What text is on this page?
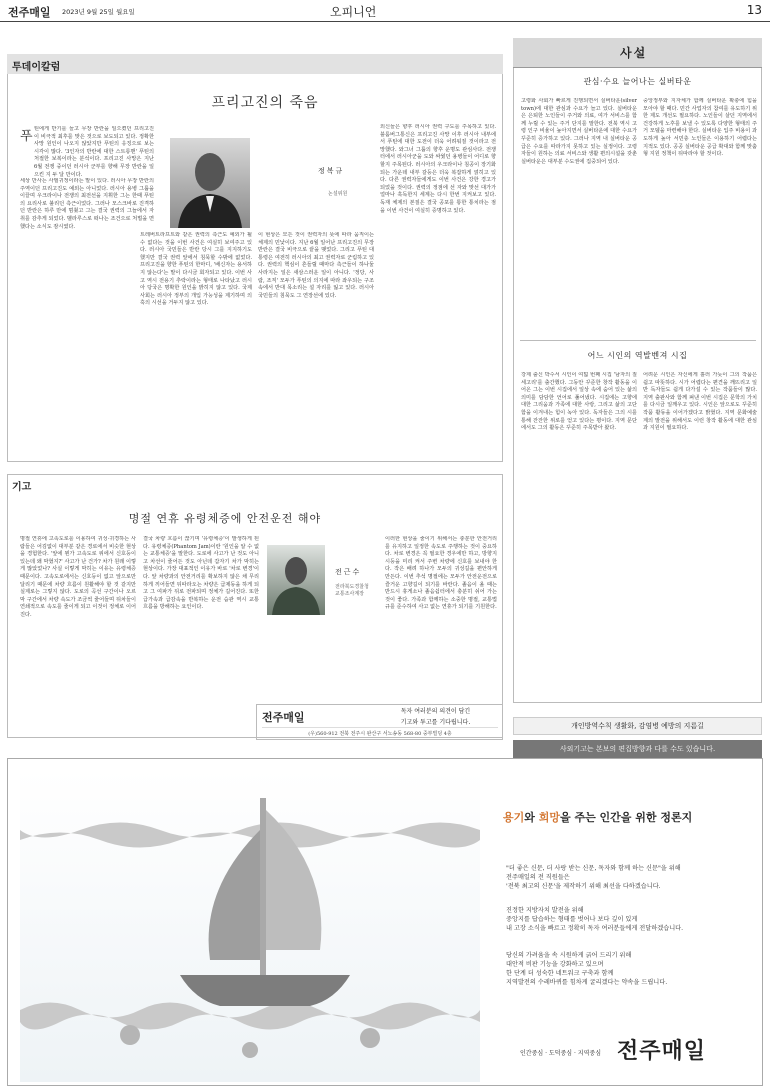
전주매일 2023년 9월 25일 월요일	오피니언	13
투데이칼럼
프리고진의 죽음
푸 틴에게 반기를 들고 무장 반란을 일으켰던 프리고진이 비극적 최후를 맞은 것으로 보도되고 있다. 정확한 사망 원인이 나오지 않았지만 푸틴의 응징으로 보는 시각이 많다. '3인자의 반란에 대한 스트롱맨' 푸틴의 처절한 보복이라는 분석이다. 프리고진 사망은 지난 6월 전쟁 중이던 러시아 군부를 향해 무장 반란을 일으킨 지 두 달 만이다.
세상 만사는 사필귀정이라는 말이 있다. 러시아 무장 반란의 주역이던 프리고진도 예외는 아니었다. 러시아 용병 그룹을 이끌며 우크라이나 전쟁의 최전선을 지휘한 그는 한때 푸틴의 요리사로 불리던 측근이었다. 그러나 모스크바로 진격하던 반란은 하루 만에 멈췄고 그는 결국 권력의 그늘에서 자취를 감추게 되었다. 벨라루스로 떠나는 조건으로 처벌을 면했다는 소식도 잠시였다.
정복규
논설위원
트레버트라프트와 같은 권력의 측근도 예외가 될 수 없다는 것을 이번 사건은 여실히 보여주고 있다. 러시아 국민들은 반란 당시 그를 지지하기도 했지만 결국 권력 앞에서 침묵할 수밖에 없었다. 프리고진을 향한 푸틴의 한마디, '배신자는 용서하지 않는다'는 말이 다시금 회자되고 있다. 이번 사고 역시 전용기 추락이라는 형태로 나타났고 러시아 당국은 명확한 원인을 밝히지 않고 있다. 국제사회는 러시아 정부의 개입 가능성을 제기하며 의혹의 시선을 거두지 않고 있다.
이 현상은 모든 것이 권력자의 뜻에 따라 움직이는 체제의 민낯이다. 지난 6월 일어난 프리고진의 무장 반란은 결국 비극으로 끝을 맺었다. 그리고 푸틴 대통령은 여전히 러시아의 최고 권력자로 군림하고 있다. 권력의 핵심이 흔들릴 때마다 측근들이 하나둘 사라지는 일은 새삼스러운 일이 아니다. '정당, 사람, 조직' 모두가 푸틴의 의지에 따라 좌우되는 구조 속에서 반대 목소리는 설 자리를 잃고 있다. 러시아 국민들의 침묵도 그 연장선에 있다.
외신들은 향후 러시아 권력 구도를 주목하고 있다. 블룸버그통신은 프리고진 사망 이후 러시아 내부에서 푸틴에 대한 도전이 더욱 어려워질 것이라고 전망했다. 와그너 그룹의 향후 운명도 관심사다. 전쟁터에서 러시아군을 도와 싸웠던 용병들이 어디로 향할지 주목된다. 러시아의 우크라이나 침공이 장기화되는 가운데 내부 갈등은 더욱 복잡하게 얽히고 있다. 다른 권력자들에게도 이번 사건은 강한 경고가 되었을 것이다. 권력의 정점에 선 자와 맞선 대가가 얼마나 혹독한지 세계는 다시 한번 지켜보고 있다. 독재 체제의 본질은 결국 공포를 통한 통치라는 점을 이번 사건이 여실히 증명하고 있다.
기고
명절 연휴 유령체증에 안전운전 해야
명절 연휴에 고속도로를 이용하여 귀성·귀경하는 사람들은 어김없이 대부분 같은 경로에서 비슷한 현상을 경험한다. '앞에 뭔가 고속도로 위에서 신호등이 있는데 왜 막혔지?' 사고가 난 건가? 차가 원래 이렇게 많았었나? 사실 이렇게 막히는 이유는 유령체증 때문이다. 고속도로에서는 신호등이 없고 앞으로만 달리기 때문에 차량 흐름이 원활해야 할 것 같지만 실제로는 그렇지 않다. 도로의 곡선 구간이나 오르막 구간에서 차량 속도가 조금씩 줄어들며 뒤차들이 연쇄적으로 속도를 줄이게 되고 이것이 정체로 이어진다.
결국 차량 흐름이 끊기며 '유령체증'이 발생하게 된다. 유령체증(Phantom Jam)이란 '원인을 알 수 없는 교통체증'을 말한다. 도로에 사고가 난 것도 아니고 차선이 줄어든 것도 아닌데 갑자기 차가 막히는 현상이다. 가장 대표적인 이유가 바로 '차로 변경'이다. 앞 차량과의 안전거리를 확보하지 않은 채 무리하게 끼어들면 뒤따라오는 차량은 급제동을 하게 되고 그 여파가 뒤로 전파되며 정체가 길어진다. 또한 급가속과 급감속을 반복하는 운전 습관 역시 교통 흐름을 방해하는 요인이다.
전근수
전라북도경찰청
교통조사계장
이러한 현상을 줄이기 위해서는 충분한 안전거리를 유지하고 일정한 속도로 주행하는 것이 중요하다. 차로 변경은 꼭 필요한 경우에만 하고, 방향지시등을 미리 켜서 주변 차량에 신호를 보내야 한다. 작은 배려 하나가 모두의 귀성길을 편안하게 만든다. 이번 추석 명절에는 모두가 안전운전으로 즐거운 고향길이 되기를 바란다. 졸음이 올 때는 반드시 휴게소나 졸음쉼터에서 충분히 쉬어 가는 것이 좋다. 가족과 함께하는 소중한 명절, 교통법규를 준수하여 사고 없는 연휴가 되기를 기원한다.
전주매일	독자 여러분의 의견이 담긴
기고와 투고를 기다립니다.
(우)560-912 전북 전주시 완산구 서노송동 568-80 중부빌딩 4층
사설
관심·수요 늘어나는 실버타운
고령화 사회가 빠르게 진행되면서 실버타운(silver town)에 대한 관심과 수요가 늘고 있다. 실버타운은 은퇴한 노인들이 주거와 의료, 여가 서비스를 함께 누릴 수 있는 주거 단지를 말한다. 전북 역시 고령 인구 비율이 높아지면서 실버타운에 대한 수요가 꾸준히 증가하고 있다. 그러나 지역 내 실버타운 공급은 수요를 따라가지 못하고 있는 실정이다. 고령자들이 원하는 의료 서비스와 생활 편의시설을 갖춘 실버타운은 대부분 수도권에 집중되어 있다.
중앙정부와 지자체가 함께 실버타운 확충에 힘을 모아야 할 때다. 민간 사업자의 참여를 유도하기 위한 제도 개선도 필요하다. 노인들이 살던 지역에서 건강하게 노후를 보낼 수 있도록 다양한 형태의 주거 모델을 마련해야 한다. 실버타운 입주 비용이 과도하게 높아 서민층 노인들은 이용하기 어렵다는 지적도 있다. 공공 실버타운 공급 확대와 함께 맞춤형 지원 정책이 뒤따라야 할 것이다.
어느 시인의 역발벤져 시집
강제 출신 박수서 시인이 여덟 번째 시집 '남자의 질세고리'를 출간했다. 그동안 꾸준한 창작 활동을 이어온 그는 이번 시집에서 일상 속에 숨어 있는 삶의 의미를 담담한 언어로 풀어냈다. 시집에는 고향에 대한 그리움과 가족에 대한 사랑, 그리고 삶의 고단함을 이겨내는 힘이 녹아 있다. 독자들은 그의 시를 통해 잔잔한 위로를 얻고 있다는 평이다. 지역 문단에서도 그의 활동은 꾸준히 주목받아 왔다.
어려운 시인은 자신에게 흘러 가듯이 그의 작품은 쉽고 따뜻하다. 시가 어렵다는 편견을 깨뜨리고 일반 독자들도 쉽게 다가설 수 있는 작품들이 많다. 지역 출판사와 함께 펴낸 이번 시집은 문학의 가치를 다시금 일깨우고 있다. 시인은 앞으로도 꾸준히 작품 활동을 이어가겠다고 밝혔다. 지역 문화예술계의 발전을 위해서도 이런 창작 활동에 대한 관심과 지원이 필요하다.
개인방역수칙 생활화, 감염병 예방의 지름길
사외기고는 본보의 편집방향과 다를 수도 있습니다.
용기와 희망을 주는 인간을 위한 정론지
"더 좋은 신문, 더 사랑 받는 신문, 독자와 함께 하는 신문"을 위해
전주매일의 전 직원들은
'전북 최고의 신문'을 제작하기 위해 최선을 다하겠습니다.
진정한 지방자치 발전을 위해
중앙지를 답습하는 형태를 벗어나 보다 깊이 있게
내 고장 소식을 빠르고 정확히 독자 여러분들에게 전달하겠습니다.
당신의 가려움을 속 시원하게 긁어 드리기 위해
대안적 비판 기능을 강화하고 있으며
한 단계 더 성숙한 네트워크 구축과 함께
지역발전의 수레바퀴를 힘차게 굴리겠다는 약속을 드립니다.
인간중심 · 도덕중심 · 지역중심 전주매일
